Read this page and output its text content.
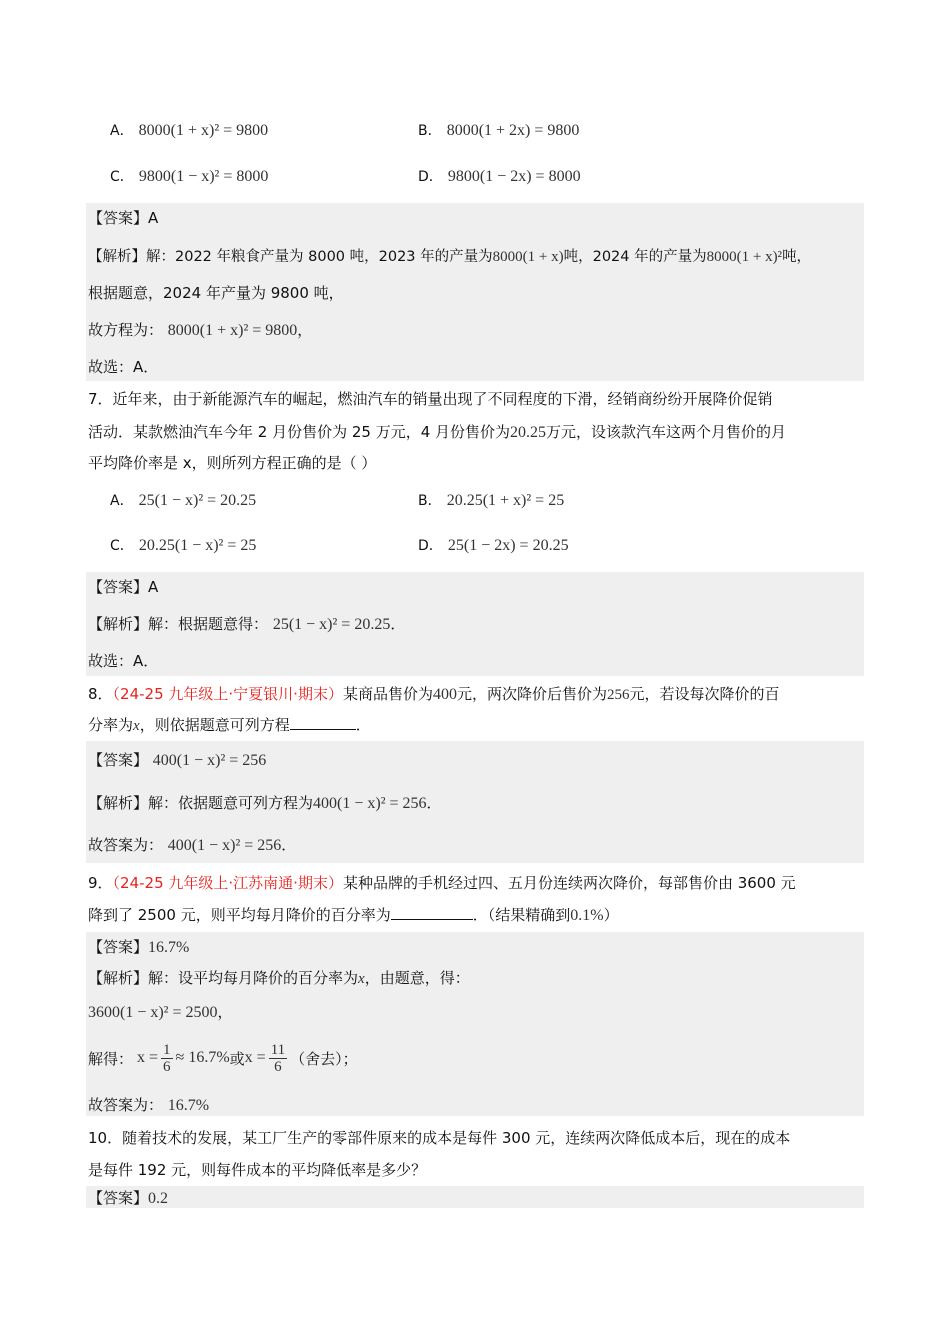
A． 8000(1 + x)² = 9800	B． 8000(1 + 2x) = 9800
C． 9800(1 − x)² = 8000	D． 9800(1 − 2x) = 8000
【答案】A
【解析】解：2022 年粮食产量为 8000 吨，2023 年的产量为8000(1 + x)吨，2024 年的产量为8000(1 + x)²吨，
根据题意，2024 年产量为 9800 吨，
故方程为： 8000(1 + x)² = 9800，
故选：A．
7．近年来，由于新能源汽车的崛起，燃油汽车的销量出现了不同程度的下滑，经销商纷纷开展降价促销
活动．某款燃油汽车今年 2 月份售价为 25 万元，4 月份售价为20.25万元，设该款汽车这两个月售价的月
平均降价率是 x，则所列方程正确的是（ ）
A． 25(1 − x)² = 20.25	B． 20.25(1 + x)² = 25
C． 20.25(1 − x)² = 25	D． 25(1 − 2x) = 20.25
【答案】A
【解析】解：根据题意得： 25(1 − x)² = 20.25．
故选：A．
8．（24-25 九年级上·宁夏银川·期末）某商品售价为400元，两次降价后售价为256元，若设每次降价的百
分率为x，则依据题意可列方程	．
【答案】 400(1 − x)² = 256
【解析】解：依据题意可列方程为400(1 − x)² = 256．
故答案为： 400(1 − x)² = 256．
9．（24-25 九年级上·江苏南通·期末）某种品牌的手机经过四、五月份连续两次降价，每部售价由 3600 元
降到了 2500 元，则平均每月降价的百分率为	．（结果精确到0.1%）
【答案】16.7%
【解析】解：设平均每月降价的百分率为x，由题意，得：
3600(1 − x)² = 2500，
解得： $x = \frac{1}{6} \approx 16.7\%$ 或 $x = \frac{11}{6}$ （舍去）；
故答案为： 16.7%
10．随着技术的发展，某工厂生产的零部件原来的成本是每件 300 元，连续两次降低成本后，现在的成本
是每件 192 元，则每件成本的平均降低率是多少？
【答案】0.2
